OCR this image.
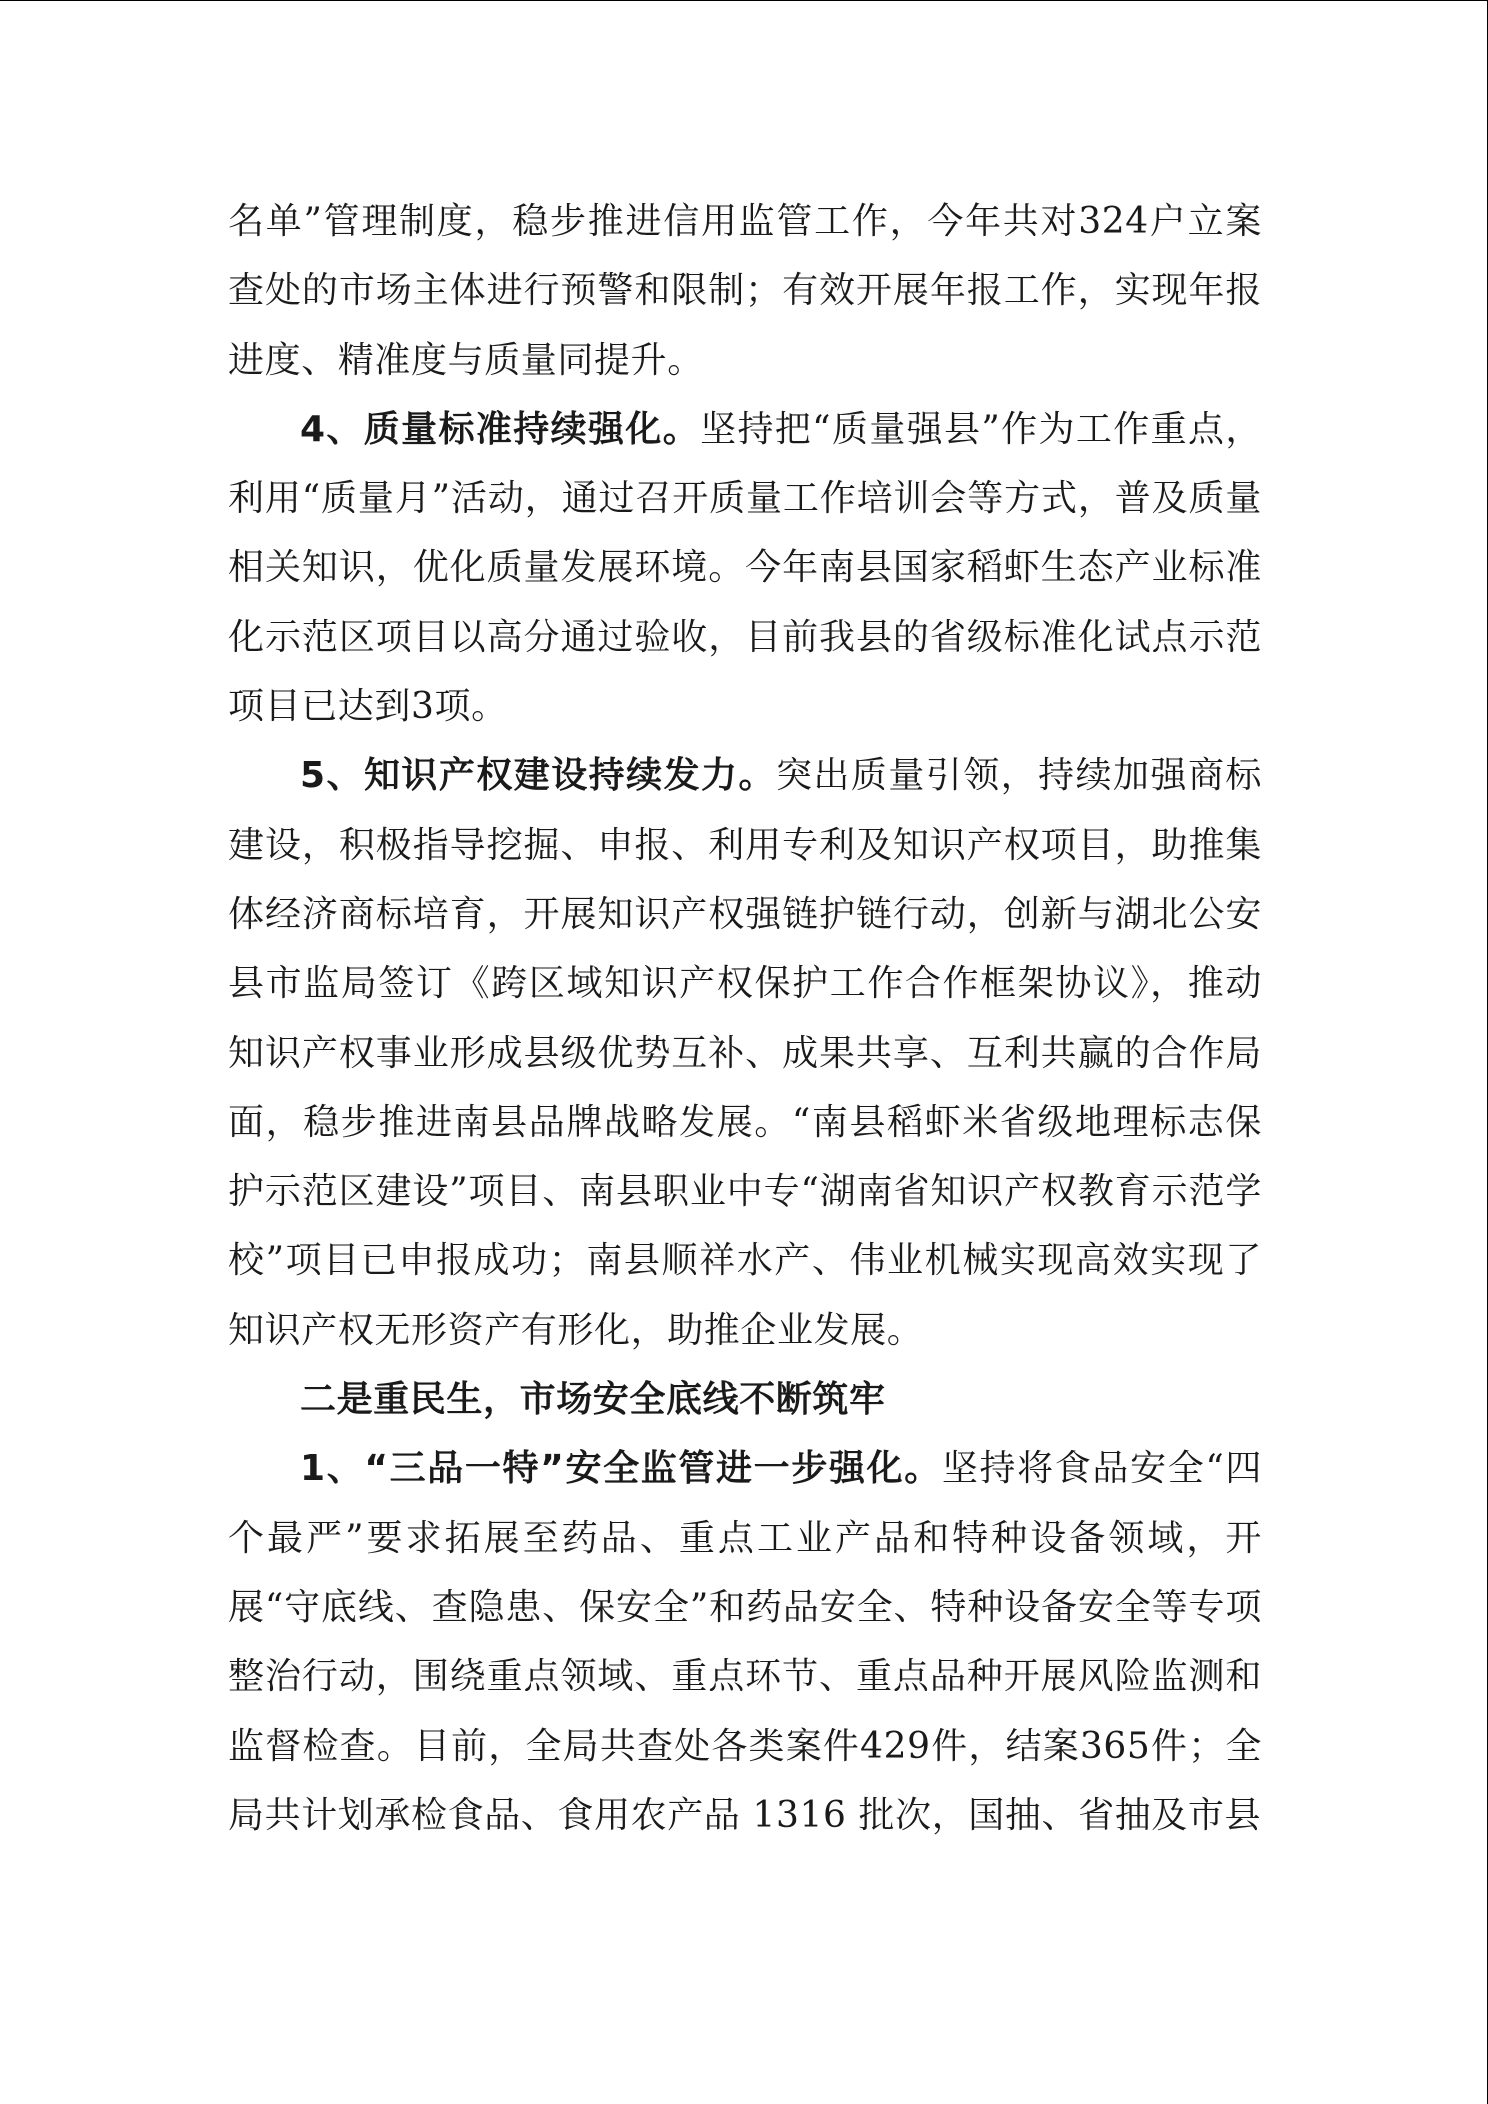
名单”管理制度，稳步推进信用监管工作，今年共对324户立案查处的市场主体进行预警和限制；有效开展年报工作，实现年报进度、精准度与质量同提升。

4、质量标准持续强化。坚持把“质量强县”作为工作重点，利用“质量月”活动，通过召开质量工作培训会等方式，普及质量相关知识，优化质量发展环境。今年南县国家稻虾生态产业标准化示范区项目以高分通过验收，目前我县的省级标准化试点示范项目已达到3项。

5、知识产权建设持续发力。突出质量引领，持续加强商标建设，积极指导挖掘、申报、利用专利及知识产权项目，助推集体经济商标培育，开展知识产权强链护链行动，创新与湖北公安县市监局签订《跨区域知识产权保护工作合作框架协议》，推动知识产权事业形成县级优势互补、成果共享、互利共赢的合作局面，稳步推进南县品牌战略发展。“南县稻虾米省级地理标志保护示范区建设”项目、南县职业中专“湖南省知识产权教育示范学校”项目已申报成功；南县顺祥水产、伟业机械实现高效实现了知识产权无形资产有形化，助推企业发展。

二是重民生，市场安全底线不断筑牢

1、“三品一特”安全监管进一步强化。坚持将食品安全“四个最严”要求拓展至药品、重点工业产品和特种设备领域，开展“守底线、查隐患、保安全”和药品安全、特种设备安全等专项整治行动，围绕重点领域、重点环节、重点品种开展风险监测和监督检查。目前，全局共查处各类案件429件，结案365件；全局共计划承检食品、食用农产品 1316 批次，国抽、省抽及市县
